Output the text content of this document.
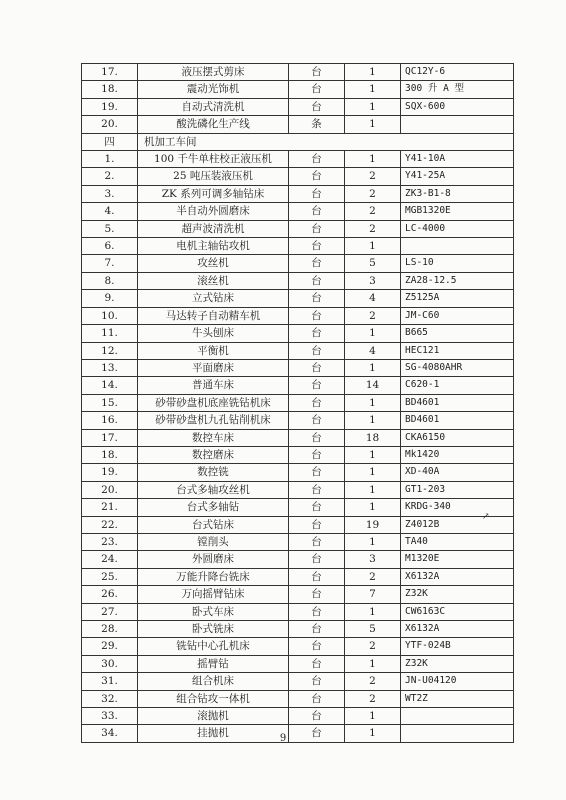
17.	液压摆式剪床	台	1	QC12Y-6
18.	震动光饰机	台	1	300 升 A 型
19.	自动式清洗机	台	1	SQX-600
20.	酸洗磷化生产线	条	1	
四	机加工车间			
1.	100 千牛单柱校正液压机	台	1	Y41-10A
2.	25 吨压装液压机	台	2	Y41-25A
3.	ZK 系列可调多轴钻床	台	2	ZK3-B1-8
4.	半自动外圆磨床	台	2	MGB1320E
5.	超声波清洗机	台	2	LC-4000
6.	电机主轴钻攻机	台	1	
7.	攻丝机	台	5	LS-10
8.	滚丝机	台	3	ZA28-12.5
9.	立式钻床	台	4	Z5125A
10.	马达转子自动精车机	台	2	JM-C60
11.	牛头刨床	台	1	B665
12.	平衡机	台	4	HEC121
13.	平面磨床	台	1	SG-4080AHR
14.	普通车床	台	14	C620-1
15.	砂带砂盘机底座铣钻机床	台	1	BD4601
16.	砂带砂盘机九孔钻削机床	台	1	BD4601
17.	数控车床	台	18	CKA6150
18.	数控磨床	台	1	Mk1420
19.	数控铣	台	1	XD-40A
20.	台式多轴攻丝机	台	1	GT1-203
21.	台式多轴钻	台	1	KRDG-340
22.	台式钻床	台	19	Z4012B
23.	镗削头	台	1	TA40
24.	外圆磨床	台	3	M1320E
25.	万能升降台铣床	台	2	X6132A
26.	万向摇臂钻床	台	7	Z32K
27.	卧式车床	台	1	CW6163C
28.	卧式铣床	台	5	X6132A
29.	铣钻中心孔机床	台	2	YTF-024B
30.	摇臂钻	台	1	Z32K
31.	组合机床	台	2	JN-U04120
32.	组合钻攻一体机	台	2	WT2Z
33.	滚抛机	台	1	
34.	挂抛机	台	1	
↗
9
